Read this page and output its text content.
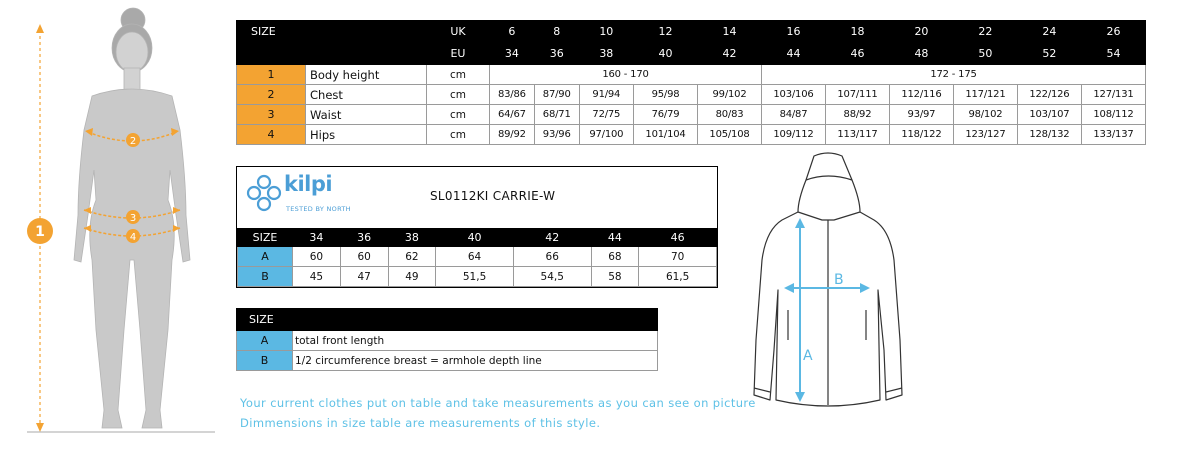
1
2
3
4
SIZE		UK	6	8	10	12	14	16	18	20	22	24	26
		EU	34	36	38	40	42	44	46	48	50	52	54
1	Body height	cm	160 - 170					172 - 175					
2	Chest	cm	83/86	87/90	91/94	95/98	99/102	103/106	107/111	112/116	117/121	122/126	127/131
3	Waist	cm	64/67	68/71	72/75	76/79	80/83	84/87	88/92	93/97	98/102	103/107	108/112
4	Hips	cm	89/92	93/96	97/100	101/104	105/108	109/112	113/117	118/122	123/127	128/132	133/137
kilpi
TESTED BY NORTH
SL0112KI CARRIE-W
SIZE	34	36	38	40	42	44	46
A	60	60	62	64	66	68	70
B	45	47	49	51,5	54,5	58	61,5
SIZE	
A	total front length
B	1/2 circumference breast = armhole depth line
Your current clothes put on table and take measurements as you can see on picture
Dimmensions in size table are measurements of this style.
A
B
